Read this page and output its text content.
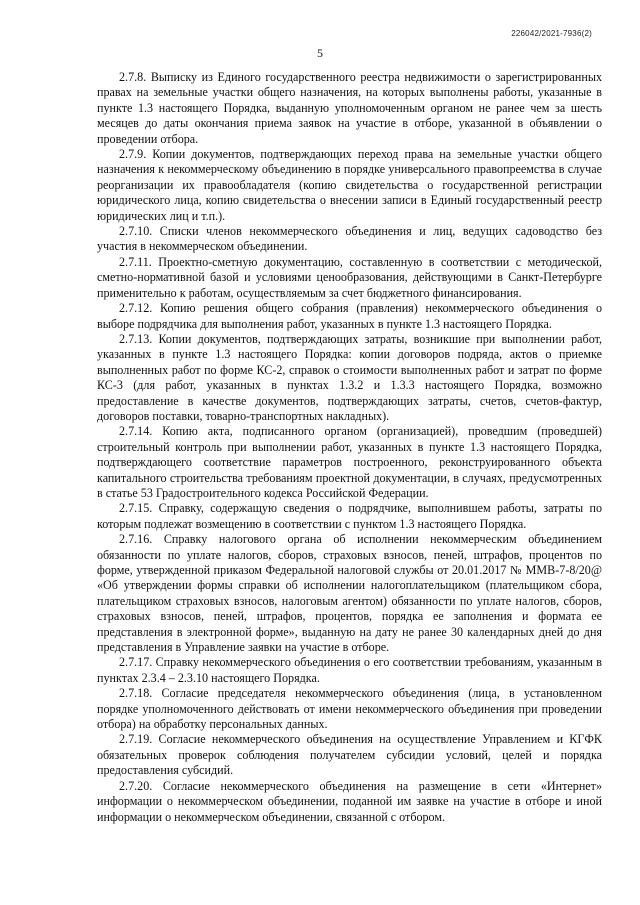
226042/2021-7936(2)
5

2.7.8. Выписку из Единого государственного реестра недвижимости о зарегистрированных правах на земельные участки общего назначения, на которых выполнены работы, указанные в пункте 1.3 настоящего Порядка, выданную уполномоченным органом не ранее чем за шесть месяцев до даты окончания приема заявок на участие в отборе, указанной в объявлении о проведении отбора.

2.7.9. Копии документов, подтверждающих переход права на земельные участки общего назначения к некоммерческому объединению в порядке универсального правопреемства в случае реорганизации их правообладателя (копию свидетельства о государственной регистрации юридического лица, копию свидетельства о внесении записи в Единый государственный реестр юридических лиц и т.п.).

2.7.10. Списки членов некоммерческого объединения и лиц, ведущих садоводство без участия в некоммерческом объединении.

2.7.11. Проектно-сметную документацию, составленную в соответствии с методической, сметно-нормативной базой и условиями ценообразования, действующими в Санкт-Петербурге применительно к работам, осуществляемым за счет бюджетного финансирования.

2.7.12. Копию решения общего собрания (правления) некоммерческого объединения о выборе подрядчика для выполнения работ, указанных в пункте 1.3 настоящего Порядка.

2.7.13. Копии документов, подтверждающих затраты, возникшие при выполнении работ, указанных в пункте 1.3 настоящего Порядка: копии договоров подряда, актов о приемке выполненных работ по форме КС-2, справок о стоимости выполненных работ и затрат по форме КС-3 (для работ, указанных в пунктах 1.3.2 и 1.3.3 настоящего Порядка, возможно предоставление в качестве документов, подтверждающих затраты, счетов, счетов-фактур, договоров поставки, товарно-транспортных накладных).

2.7.14. Копию акта, подписанного органом (организацией), проведшим (проведшей) строительный контроль при выполнении работ, указанных в пункте 1.3 настоящего Порядка, подтверждающего соответствие параметров построенного, реконструированного объекта капитального строительства требованиям проектной документации, в случаях, предусмотренных в статье 53 Градостроительного кодекса Российской Федерации.

2.7.15. Справку, содержащую сведения о подрядчике, выполнившем работы, затраты по которым подлежат возмещению в соответствии с пунктом 1.3 настоящего Порядка.

2.7.16. Справку налогового органа об исполнении некоммерческим объединением обязанности по уплате налогов, сборов, страховых взносов, пеней, штрафов, процентов по форме, утвержденной приказом Федеральной налоговой службы от 20.01.2017 № ММВ-7-8/20@ «Об утверждении формы справки об исполнении налогоплательщиком (плательщиком сбора, плательщиком страховых взносов, налоговым агентом) обязанности по уплате налогов, сборов, страховых взносов, пеней, штрафов, процентов, порядка ее заполнения и формата ее представления в электронной форме», выданную на дату не ранее 30 календарных дней до дня представления в Управление заявки на участие в отборе.

2.7.17. Справку некоммерческого объединения о его соответствии требованиям, указанным в пунктах 2.3.4 – 2.3.10 настоящего Порядка.

2.7.18. Согласие председателя некоммерческого объединения (лица, в установленном порядке уполномоченного действовать от имени некоммерческого объединения при проведении отбора) на обработку персональных данных.

2.7.19. Согласие некоммерческого объединения на осуществление Управлением и КГФК обязательных проверок соблюдения получателем субсидии условий, целей и порядка предоставления субсидий.

2.7.20. Согласие некоммерческого объединения на размещение в сети «Интернет» информации о некоммерческом объединении, поданной им заявке на участие в отборе и иной информации о некоммерческом объединении, связанной с отбором.
